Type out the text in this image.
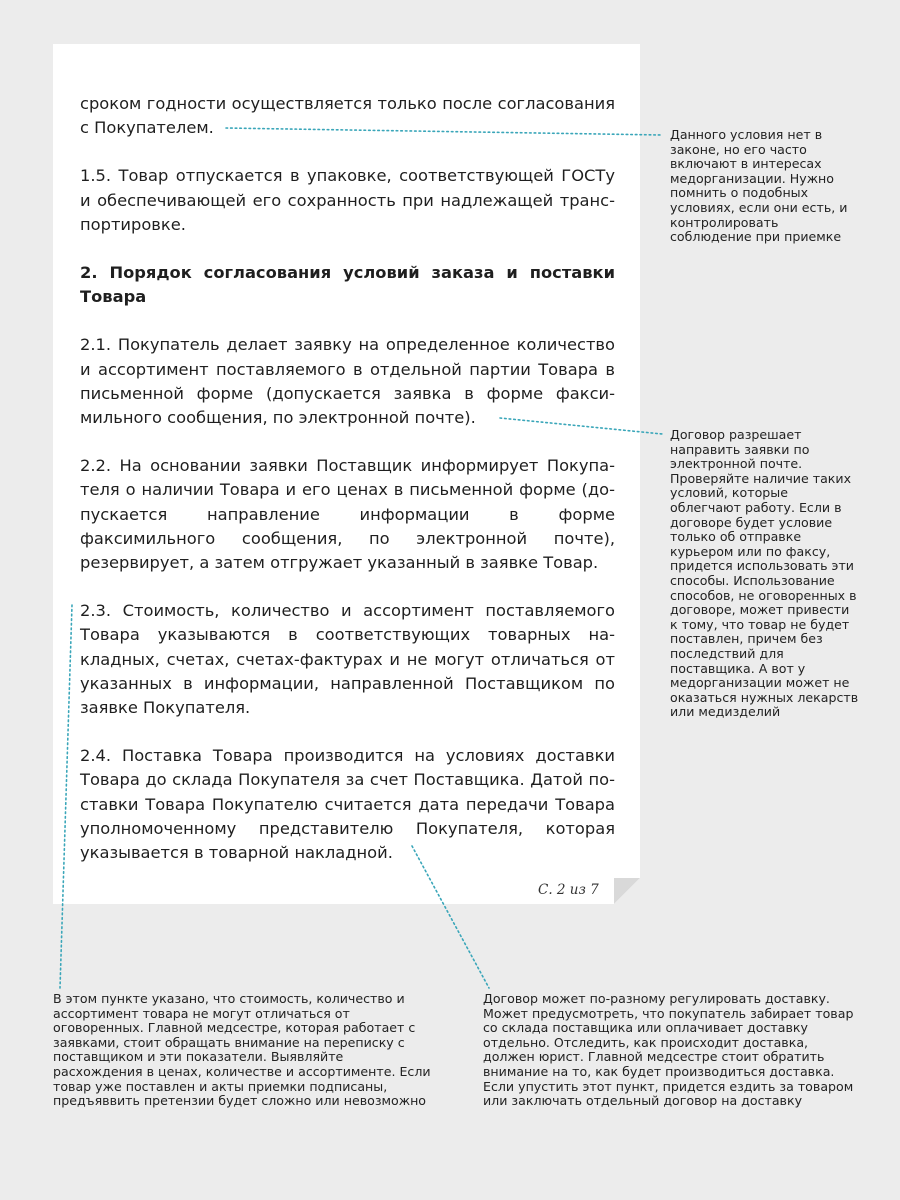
сроком годности осуществляется только после согласования с Покупателем.

1.5. Товар отпускается в упаковке, соответствующей ГОСТу и обеспечивающей его сохранность при надлежащей транспортировке.

2. Порядок согласования условий заказа и поставки Товара

2.1. Покупатель делает заявку на определенное количество и ассортимент поставляемого в отдельной партии Товара в письменной форме (допускается заявка в форме факсимильного сообщения, по электронной почте).

2.2. На основании заявки Поставщик информирует Покупателя о наличии Товара и его ценах в письменной форме (допускается направление информации в форме факсимильного сообщения, по электронной почте), резервирует, а затем отгружает указанный в заявке Товар.

2.3. Стоимость, количество и ассортимент поставляемого Товара указываются в соответствующих товарных накладных, счетах, счетах-фактурах и не могут отличаться от указанных в информации, направленной Поставщиком по заявке Покупателя.

2.4. Поставка Товара производится на условиях доставки Товара до склада Покупателя за счет Поставщика. Датой поставки Товара Покупателю считается дата передачи Товара уполномоченному представителю Покупателя, которая указывается в товарной накладной.

С. 2 из 7
Данного условия нет в законе, но его часто включают в интересах медорганизации. Нужно помнить о подобных условиях, если они есть, и контролировать соблюдение при приемке
Договор разрешает направить заявки по электронной почте. Проверяйте наличие таких условий, которые облегчают работу. Если в договоре будет условие только об отправке курьером или по факсу, придется использовать эти способы. Использование способов, не оговоренных в договоре, может привести к тому, что товар не будет поставлен, причем без последствий для поставщика. А вот у медорганизации может не оказаться нужных лекарств или медизделий
В этом пункте указано, что стоимость, количество и ассортимент товара не могут отличаться от оговоренных. Главной медсестре, которая работает с заявками, стоит обращать внимание на переписку с поставщиком и эти показатели. Выявляйте расхождения в ценах, количестве и ассортименте. Если товар уже поставлен и акты приемки подписаны, предъяввить претензии будет сложно или невозможно
Договор может по-разному регулировать доставку. Может предусмотреть, что покупатель забирает товар со склада поставщика или оплачивает доставку отдельно. Отследить, как происходит доставка, должен юрист. Главной медсестре стоит обратить внимание на то, как будет производиться доставка. Если упустить этот пункт, придется ездить за товаром или заключать отдельный договор на доставку
